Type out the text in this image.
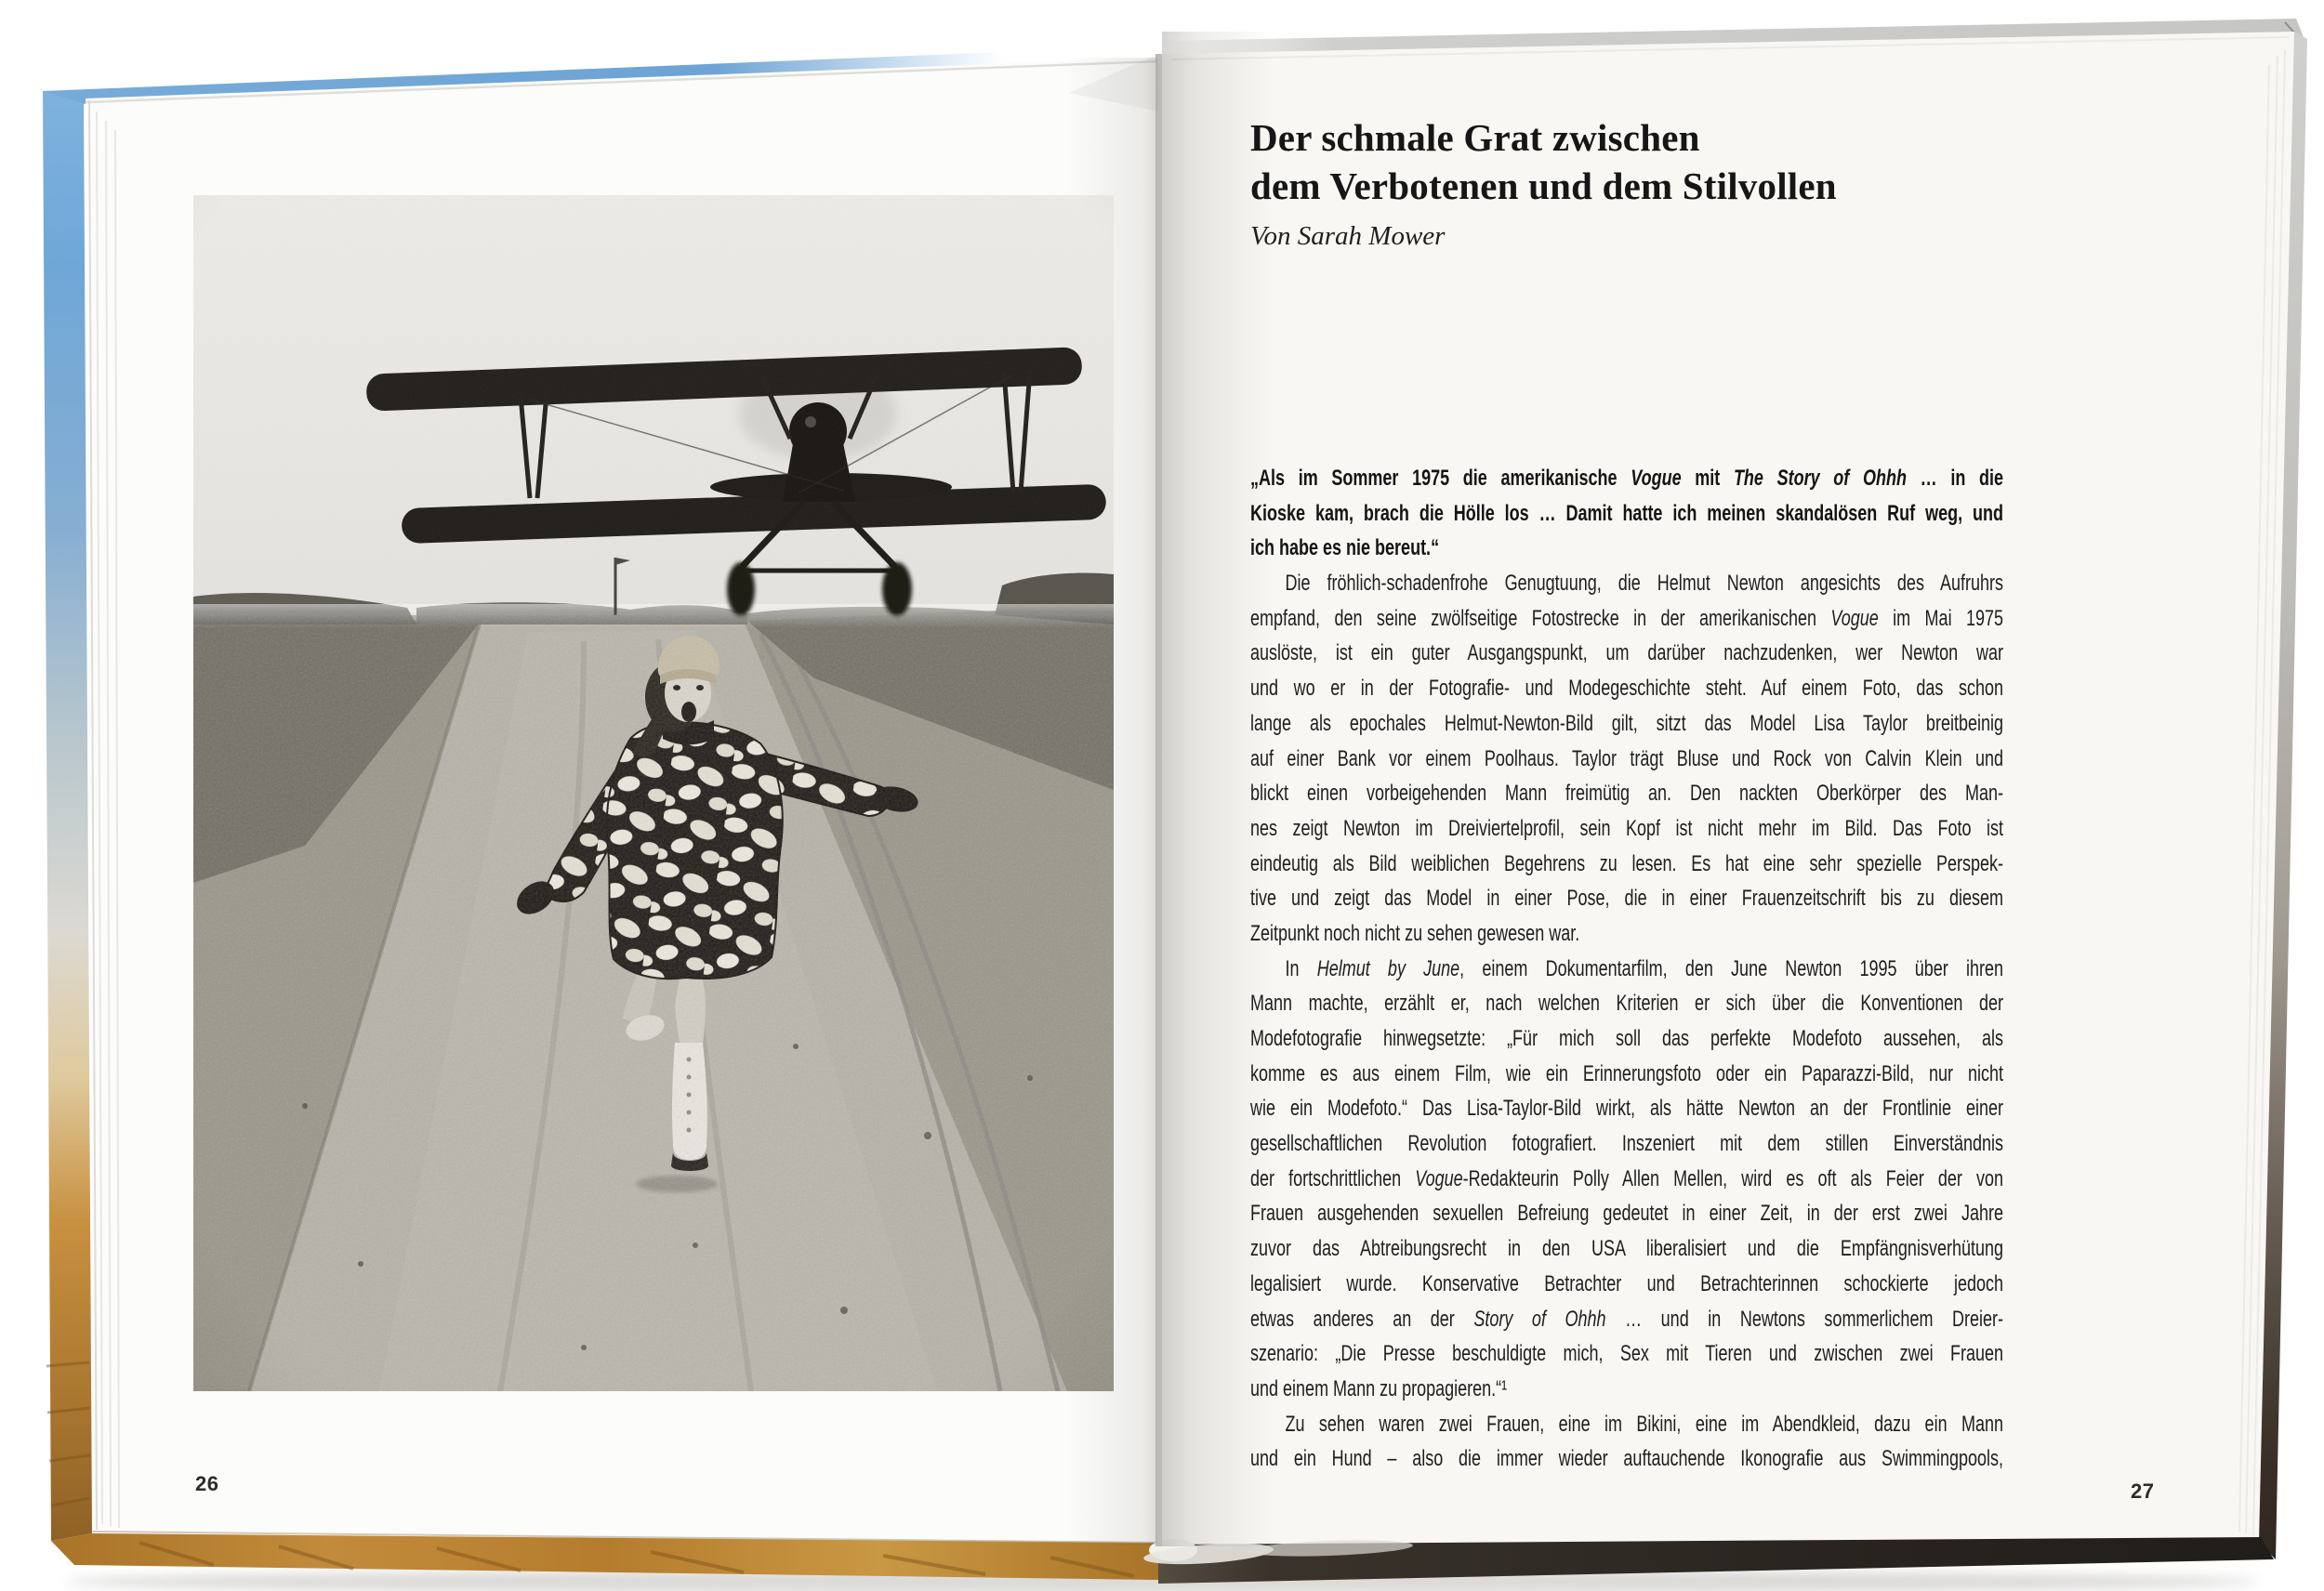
26
Der schmale Grat zwischen
dem Verbotenen und dem Stilvollen
Von Sarah Mower
„Als im Sommer 1975 die amerikanische Vogue mit The Story of Ohhh … in die
Kioske kam, brach die Hölle los … Damit hatte ich meinen skandalösen Ruf weg, und
ich habe es nie bereut.“
Die fröhlich-schadenfrohe Genugtuung, die Helmut Newton angesichts des Aufruhrs
empfand, den seine zwölfseitige Fotostrecke in der amerikanischen Vogue im Mai 1975
auslöste, ist ein guter Ausgangspunkt, um darüber nachzudenken, wer Newton war
und wo er in der Fotografie- und Modegeschichte steht. Auf einem Foto, das schon
lange als epochales Helmut-Newton-Bild gilt, sitzt das Model Lisa Taylor breitbeinig
auf einer Bank vor einem Poolhaus. Taylor trägt Bluse und Rock von Calvin Klein und
blickt einen vorbeigehenden Mann freimütig an. Den nackten Oberkörper des Man-
nes zeigt Newton im Dreiviertelprofil, sein Kopf ist nicht mehr im Bild. Das Foto ist
eindeutig als Bild weiblichen Begehrens zu lesen. Es hat eine sehr spezielle Perspek-
tive und zeigt das Model in einer Pose, die in einer Frauenzeitschrift bis zu diesem
Zeitpunkt noch nicht zu sehen gewesen war.
In Helmut by June, einem Dokumentarfilm, den June Newton 1995 über ihren
Mann machte, erzählt er, nach welchen Kriterien er sich über die Konventionen der
Modefotografie hinwegsetzte: „Für mich soll das perfekte Modefoto aussehen, als
komme es aus einem Film, wie ein Erinnerungsfoto oder ein Paparazzi-Bild, nur nicht
wie ein Modefoto.“ Das Lisa-Taylor-Bild wirkt, als hätte Newton an der Frontlinie einer
gesellschaftlichen Revolution fotografiert. Inszeniert mit dem stillen Einverständnis
der fortschrittlichen Vogue-Redakteurin Polly Allen Mellen, wird es oft als Feier der von
Frauen ausgehenden sexuellen Befreiung gedeutet in einer Zeit, in der erst zwei Jahre
zuvor das Abtreibungsrecht in den USA liberalisiert und die Empfängnisverhütung
legalisiert wurde. Konservative Betrachter und Betrachterinnen schockierte jedoch
etwas anderes an der Story of Ohhh … und in Newtons sommerlichem Dreier-
szenario: „Die Presse beschuldigte mich, Sex mit Tieren und zwischen zwei Frauen
und einem Mann zu propagieren.“¹
Zu sehen waren zwei Frauen, eine im Bikini, eine im Abendkleid, dazu ein Mann
und ein Hund – also die immer wieder auftauchende Ikonografie aus Swimmingpools,
27
